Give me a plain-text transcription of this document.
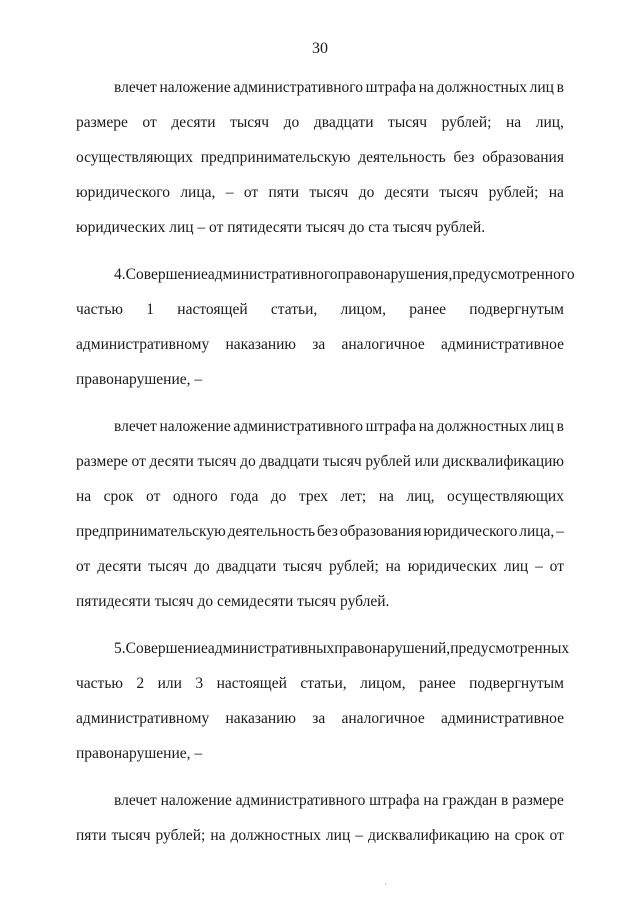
30
влечет наложение административного штрафа на должностных лиц в
размере от десяти тысяч до двадцати тысяч рублей; на лиц,
осуществляющих предпринимательскую деятельность без образования
юридического лица, – от пяти тысяч до десяти тысяч рублей; на
юридических
лиц
–
от
пятидесяти
тысяч
до
ста
тысяч
рублей.
4. Совершение административного правонарушения, предусмотренного
частью 1 настоящей статьи, лицом, ранее подвергнутым
административному наказанию за аналогичное административное
правонарушение,
–
влечет наложение административного штрафа на должностных лиц в
размере от десяти тысяч до двадцати тысяч рублей или дисквалификацию
на срок от одного года до трех лет; на лиц, осуществляющих
предпринимательскую деятельность без образования юридического лица, –
от десяти тысяч до двадцати тысяч рублей; на юридических лиц – от
пятидесяти
тысяч
до
семидесяти
тысяч
рублей.
5. Совершение административных правонарушений, предусмотренных
частью 2 или 3 настоящей статьи, лицом, ранее подвергнутым
административному наказанию за аналогичное административное
правонарушение,
–
влечет наложение административного штрафа на граждан в размере
пяти тысяч рублей; на должностных лиц – дисквалификацию на срок от
